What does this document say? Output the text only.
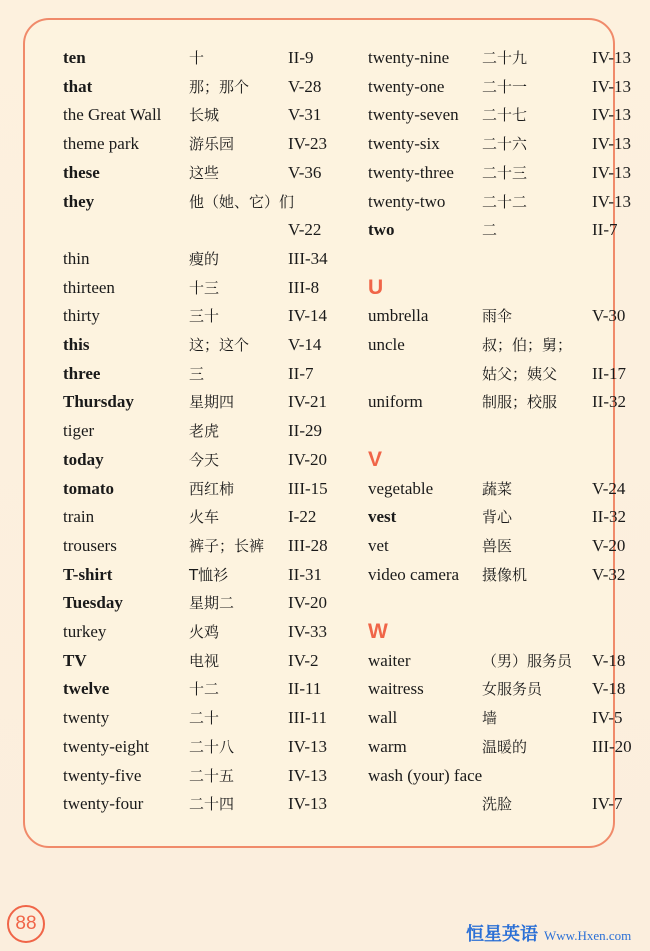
ten	十	II-9
that	那；那个 V-28
the Great Wall 长城	V-31
theme park	游乐园	IV-23
these	这些	V-36
they	他（她、它）们
V-22
thin	瘦的	III-34
thirteen	十三	III-8
thirty	三十	IV-14
this	这；这个 V-14
three	三	II-7
Thursday	星期四	IV-21
tiger	老虎	II-29
today	今天	IV-20
tomato	西红柿	III-15
train	火车	I-22
trousers	裤子；长裤 III-28
T-shirt	T恤衫	II-31
Tuesday	星期二	IV-20
turkey	火鸡	IV-33
TV	电视	IV-2
twelve	十二	II-11
twenty	二十	III-11
twenty-eight	二十八	IV-13
twenty-five	二十五	IV-13
twenty-four	二十四	IV-13
twenty-nine 二十九	IV-13
twenty-one	二十一	IV-13
twenty-seven 二十七	IV-13
twenty-six	二十六	IV-13
twenty-three 二十三	IV-13
twenty-two 二十二	IV-13
two	二	II-7
U
umbrella	雨伞	V-30
uncle	叔；伯；舅；
姑父；姨父 II-17
uniform	制服；校服 II-32
V
vegetable	蔬菜	V-24
vest	背心	II-32
vet	兽医	V-20
video camera 摄像机	V-32
W
waiter	（男）服务员 V-18
waitress	女服务员	V-18
wall	墙	IV-5
warm	温暖的	III-20
wash (your) face
洗脸	IV-7
88
恒星英语 Www.Hxen.com
